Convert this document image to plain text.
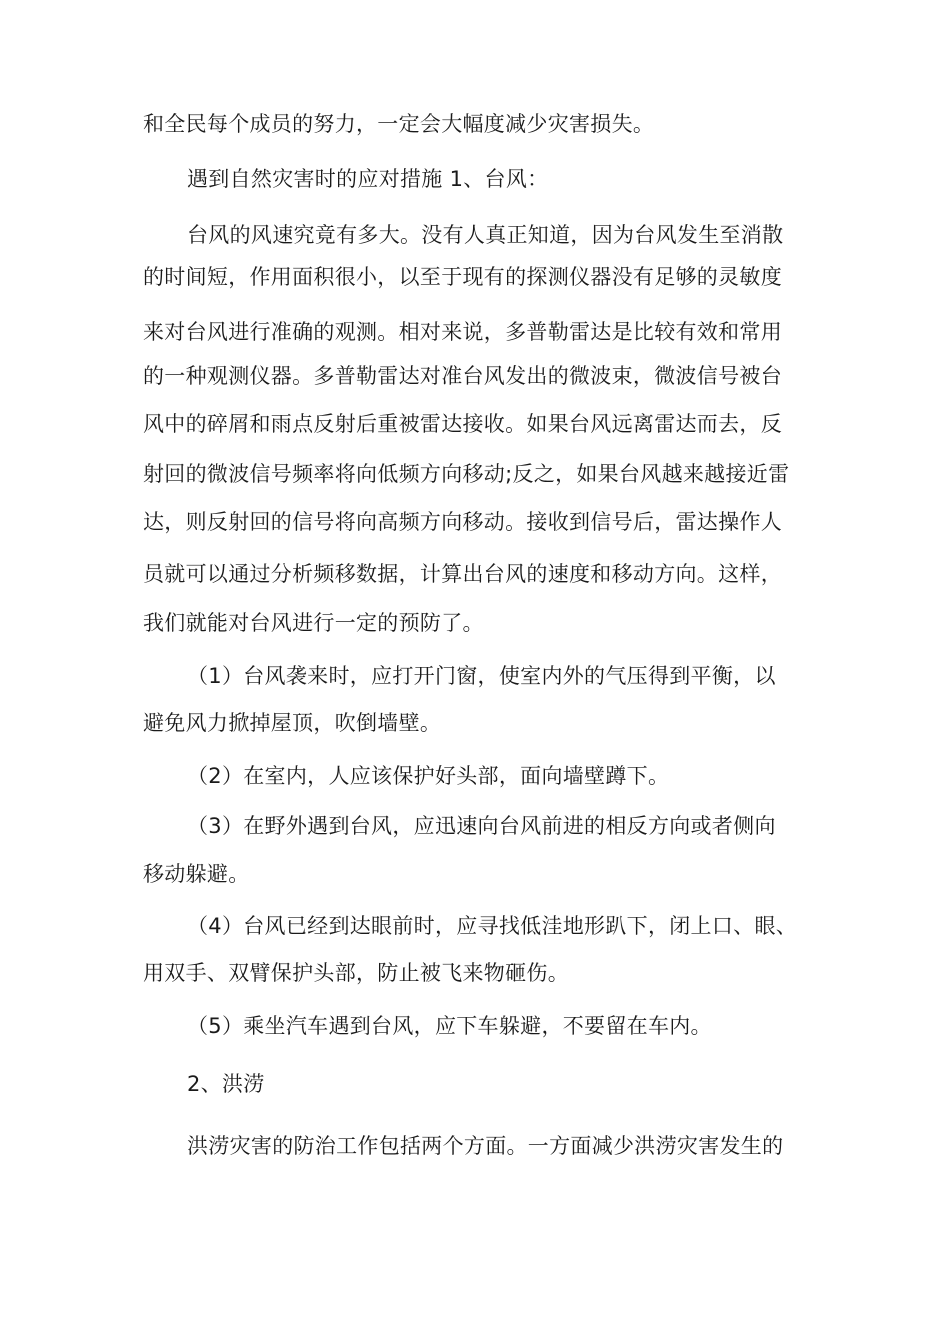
和全民每个成员的努力，一定会大幅度减少灾害损失。
遇到自然灾害时的应对措施 1、台风：
台风的风速究竟有多大。没有人真正知道，因为台风发生至消散
的时间短，作用面积很小，以至于现有的探测仪器没有足够的灵敏度
来对台风进行准确的观测。相对来说，多普勒雷达是比较有效和常用
的一种观测仪器。多普勒雷达对准台风发出的微波束，微波信号被台
风中的碎屑和雨点反射后重被雷达接收。如果台风远离雷达而去，反
射回的微波信号频率将向低频方向移动;反之，如果台风越来越接近雷
达，则反射回的信号将向高频方向移动。接收到信号后，雷达操作人
员就可以通过分析频移数据，计算出台风的速度和移动方向。这样，
我们就能对台风进行一定的预防了。
（1）台风袭来时，应打开门窗，使室内外的气压得到平衡，以
避免风力掀掉屋顶，吹倒墙壁。
（2）在室内，人应该保护好头部，面向墙壁蹲下。
（3）在野外遇到台风，应迅速向台风前进的相反方向或者侧向
移动躲避。
（4）台风已经到达眼前时，应寻找低洼地形趴下，闭上口、眼、
用双手、双臂保护头部，防止被飞来物砸伤。
（5）乘坐汽车遇到台风，应下车躲避，不要留在车内。
2、洪涝
洪涝灾害的防治工作包括两个方面。一方面减少洪涝灾害发生的
